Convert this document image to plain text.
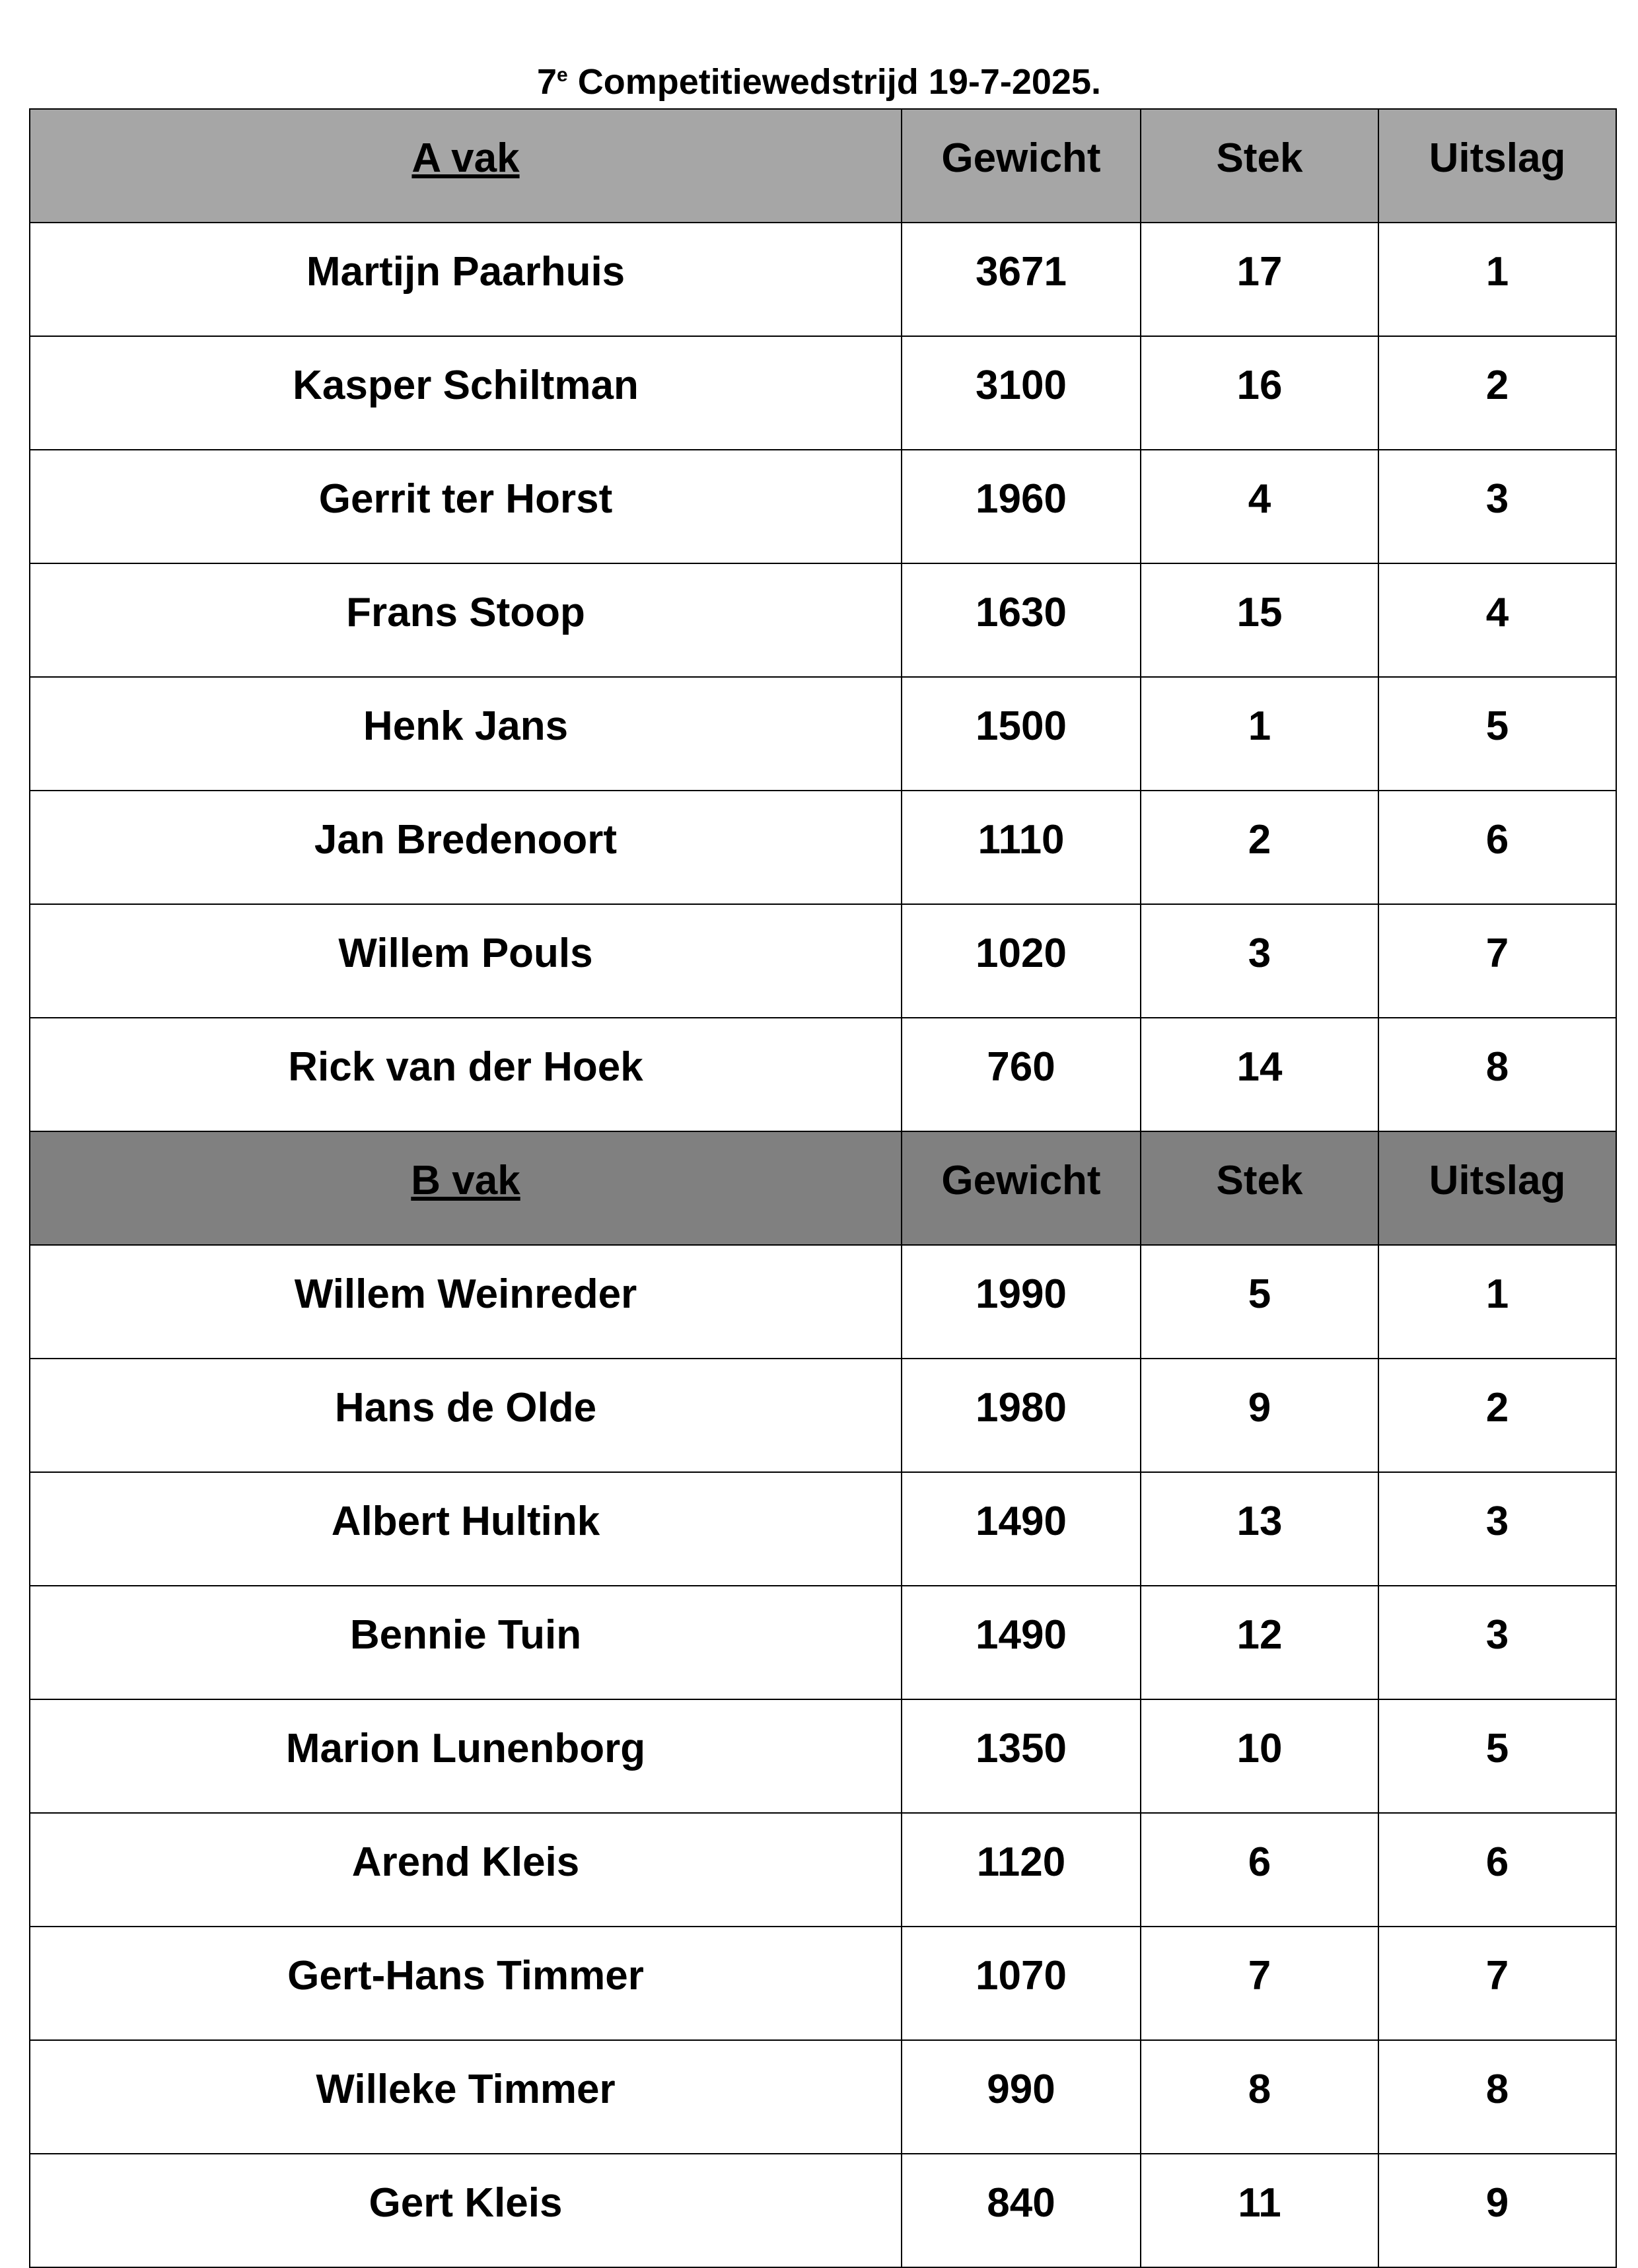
7e Competitiewedstrijd 19-7-2025.
A vak	Gewicht	Stek	Uitslag
Martijn Paarhuis	3671	17	1
Kasper Schiltman	3100	16	2
Gerrit ter Horst	1960	4	3
Frans Stoop	1630	15	4
Henk Jans	1500	1	5
Jan Bredenoort	1110	2	6
Willem Pouls	1020	3	7
Rick van der Hoek	760	14	8
B vak	Gewicht	Stek	Uitslag
Willem Weinreder	1990	5	1
Hans de Olde	1980	9	2
Albert Hultink	1490	13	3
Bennie Tuin	1490	12	3
Marion Lunenborg	1350	10	5
Arend Kleis	1120	6	6
Gert-Hans Timmer	1070	7	7
Willeke Timmer	990	8	8
Gert Kleis	840	11	9
